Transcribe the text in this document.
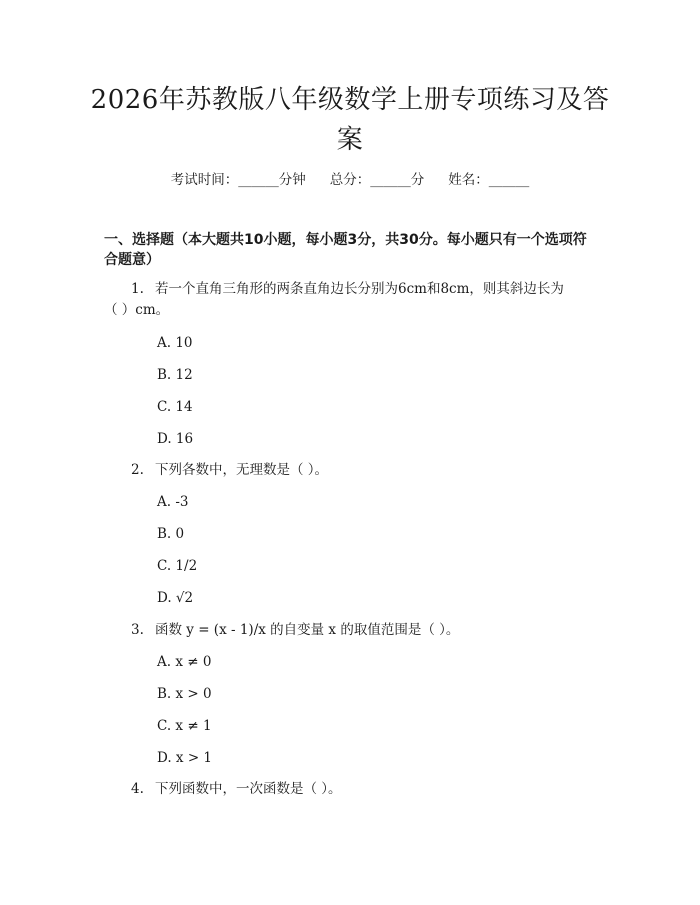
2026年苏教版八年级数学上册专项练习及答
案
考试时间：______分钟 总分：______分 姓名：______
一、选择题（本大题共10小题，每小题3分，共30分。每小题只有一个选项符
合题意）
1. 若一个直角三角形的两条直角边长分别为6cm和8cm，则其斜边长为
（ ）cm。
A. 10
B. 12
C. 14
D. 16
2. 下列各数中，无理数是（ ）。
A. -3
B. 0
C. 1/2
D. √2
3. 函数 y = (x - 1)/x 的自变量 x 的取值范围是（ ）。
A. x ≠ 0
B. x > 0
C. x ≠ 1
D. x > 1
4. 下列函数中，一次函数是（ ）。
